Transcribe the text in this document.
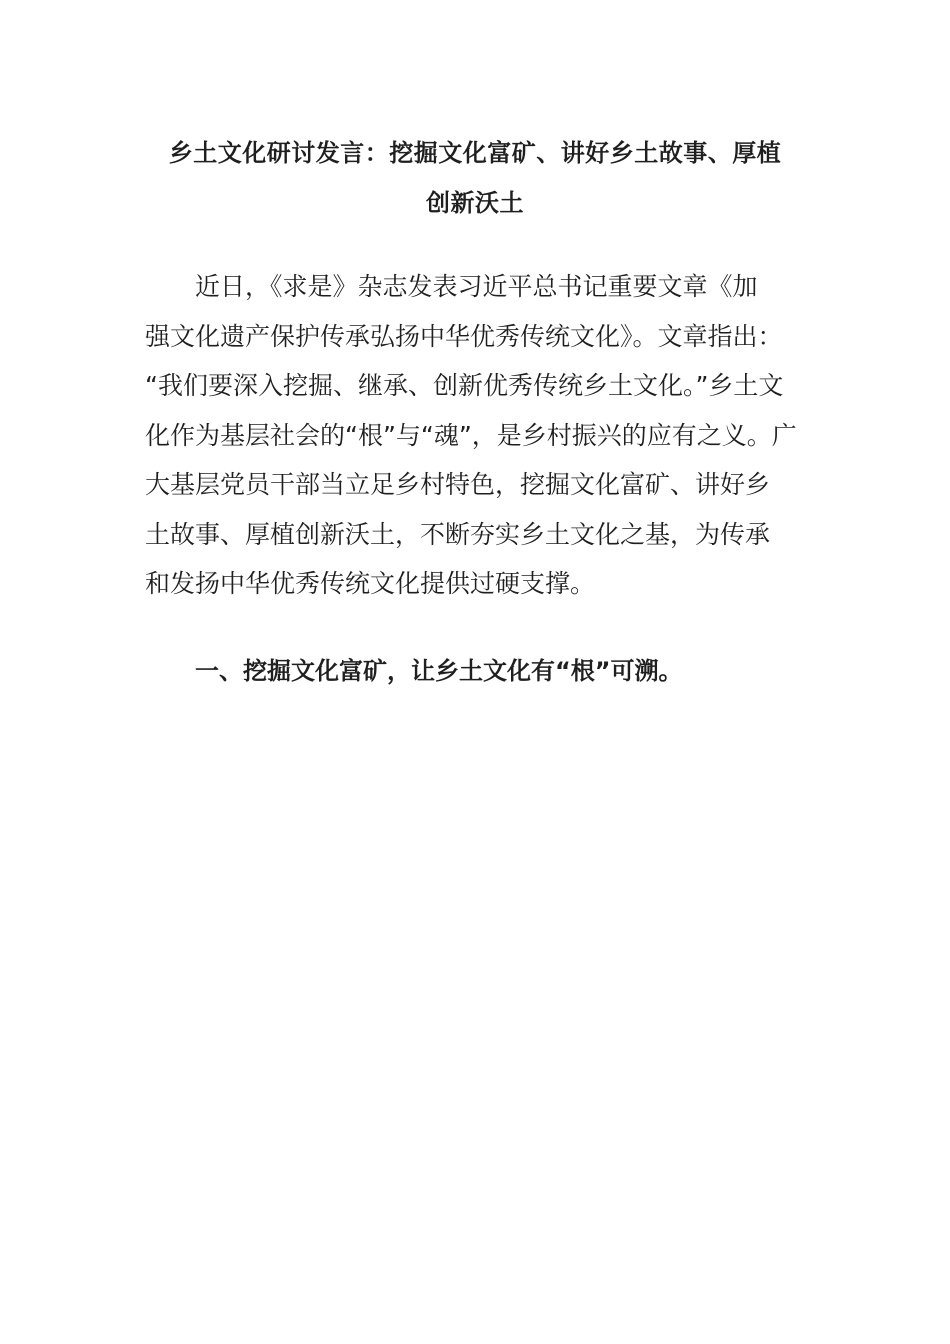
乡土文化研讨发言：挖掘文化富矿、讲好乡土故事、厚植
创新沃土
近日，《求是》杂志发表习近平总书记重要文章《加
强文化遗产保护传承弘扬中华优秀传统文化》。文章指出：
“我们要深入挖掘、继承、创新优秀传统乡土文化。”乡土文
化作为基层社会的“根”与“魂”，是乡村振兴的应有之义。广
大基层党员干部当立足乡村特色，挖掘文化富矿、讲好乡
土故事、厚植创新沃土，不断夯实乡土文化之基，为传承
和发扬中华优秀传统文化提供过硬支撑。
一、挖掘文化富矿，让乡土文化有“根”可溯。
